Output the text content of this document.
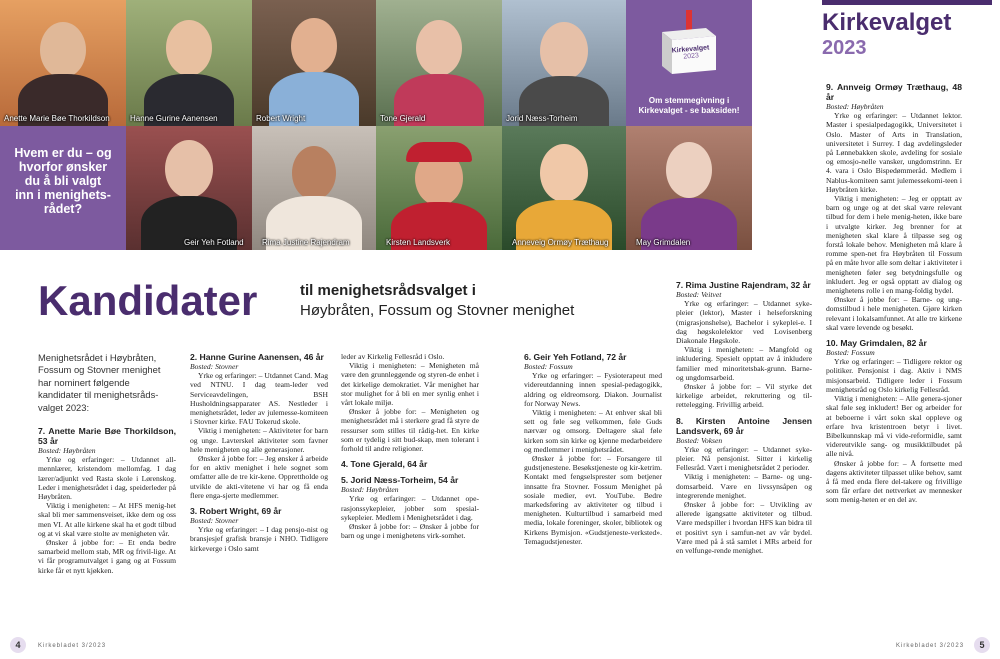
Anette Marie Bøe Thorkildson	Hanne Gurine Aanensen	Robert Wright	Tone Gjerald	Jorid Næss-Torheim
Kirkevalget
2023
Om stemmegivning i Kirkevalget - se baksiden!
Hvem er du – og hvorfor ønsker du å bli valgt inn i menighets-rådet?
Geir Yeh Fotland Rima Justine Rajendram	Kirsten Landsverk	Anneveig Ormøy Træthaug	May Grimdalen
Kirkevalget
2023
Kandidater	til menighetsrådsvalget i
Høybråten, Fossum og Stovner menighet
Menighetsrådet i Høybråten, Fossum og Stovner menighet har nominert følgende kandidater til menighetsråds-valget 2023:
7. Anette Marie Bøe Thorkildson, 53 år
Bosted: Høybråten

Yrke og erfaringer: – Utdannet all-mennlærer, kristendom mellomfag. I dag lærer/adjunkt ved Rasta skole i Lørenskog. Leder i menighetsrådet i dag, speiderleder på Høybråten.

Viktig i menigheten: – At HFS menig-het skal bli mer sammensveiset, ikke dem og oss men VI. At alle kirkene skal ha et godt tilbud og at vi skal være stolte av menigheten vår.

Ønsker å jobbe for: – Et enda bedre samarbeid mellom stab, MR og frivil-lige. At vi får programutvalget i gang og at Fossum kirke får et nytt kjøkken.

2. Hanne Gurine Aanensen, 46 år
Bosted: Stovner

Yrke og erfaringer: – Utdannet Cand. Mag ved NTNU. I dag team-leder ved Serviceavdelingen, BSH Husholdningsapparater AS. Nestleder i menighetsrådet, leder av julemesse-komiteen i Stovner kirke. FAU Tokerud skole.

Viktig i menigheten: – Aktiviteter for barn og unge. Lavterskel aktiviteter som favner hele menigheten og alle generasjoner.

Ønsker å jobbe for: – Jeg ønsker å arbeide for en aktiv menighet i hele sognet som omfatter alle de tre kir-kene. Opprettholde og utvikle de akti-vitetene vi har og få enda flere enga-sjerte medlemmer.

3. Robert Wright, 69 år
Bosted: Stovner

Yrke og erfaringer: – I dag pensjo-nist og bransjesjef grafisk bransje i NHO. Tidligere kirkeverge i Oslo samt

leder av Kirkelig Fellesråd i Oslo.

Viktig i menigheten: – Menigheten må være den grunnleggende og styren-de enhet i det kirkelige demokratiet. Vår menighet har stor mulighet for å bli en mer synlig enhet i vårt lokale miljø.

Ønsker å jobbe for: – Menigheten og menighetsrådet må i sterkere grad få styre de ressurser som stilles til rådig-het. En kirke som er tydelig i sitt bud-skap, men tolerant i forhold til andre religioner.

4. Tone Gjerald, 64 år
5. Jorid Næss-Torheim, 54 år
Bosted: Høybråten

Yrke og erfaringer: – Utdannet ope-rasjonssykepleier, jobber som spesial-sykepleier. Medlem i Menighetsrådet i dag.

Ønsker å jobbe for: – Ønsker å jobbe for barn og unge i menighetens virk-somhet.

6. Geir Yeh Fotland, 72 år
Bosted: Fossum

Yrke og erfaringer: – Fysioterapeut med videreutdanning innen spesial-pedagogikk, aldring og eldreomsorg. Diakon. Journalist for Norway News.

Viktig i menigheten: – At enhver skal bli sett og føle seg velkommen, føle Guds nærvær og omsorg. Deltagere skal føle kirken som sin kirke og kjenne medarbeidere og medlemmer i menighetsrådet.

Ønsker å jobbe for: – Forsangere til gudstjenestene. Besøkstjeneste og kir-ketrim. Kontakt med fengselsprester som betjener innsatte fra Stovner. Fossum Menighet på sosiale medier, evt. YouTube. Bedre markedsføring av aktiviteter og tilbud i menigheten. Kulturtilbud i samarbeid med media, lokale foreninger, skoler, bibliotek og Kirkens Bymisjon. «Gudstjeneste-verksted». Temagudstjenester.

7. Rima Justine Rajendram, 32 år
Bosted: Veitvet

Yrke og erfaringer: – Utdannet syke-pleier (lektor), Master i helseforskning (migrasjonshelse), Bachelor i sykeplei-e. I dag høgskolelektor ved Lovisenberg Diakonale Høgskole.

Viktig i menigheten: – Mangfold og inkludering. Spesielt opptatt av å inkludere familier med minoritetsbak-grunn. Barne- og ungdomsarbeid.

Ønsker å jobbe for: – Vil styrke det kirkelige arbeidet, rekruttering og til-rettelegging. Frivillig arbeid.

8. Kirsten Antoine Jensen Landsverk, 69 år
Bosted: Voksen

Yrke og erfaringer: – Utdannet syke-pleier. Nå pensjonist. Sitter i kirkelig Fellesråd. Vært i menighetsrådet 2 perioder.

Viktig i menigheten: – Barne- og ung-domsarbeid. Være en livssynsåpen og integrerende menighet.

Ønsker å jobbe for: – Utvikling av allerede igangsatte aktiviteter og tilbud. Være medspiller i hvordan HFS kan bidra til et positivt syn i samfun-net av vår bydel. Være med på å stå samlet i MRs arbeid for en velfunge-rende menighet.

9. Annveig Ormøy Træthaug, 48 år
Bosted: Høybråten

Yrke og erfaringer: – Utdannet lektor. Master i spesialpedagogikk, Universitetet i Oslo. Master of Arts in Translation, universitetet i Surrey. I dag avdelingsleder på Lønnebakken skole, avdeling for sosiale og emosjo-nelle vansker, ungdomstrinn. Er 4. vara i Oslo Bispedømmeråd. Medlem i Nablus-komiteen samt julemessekomi-teen i Høybråten kirke.

Viktig i menigheten: – Jeg er opptatt av barn og unge og at det skal være relevant tilbud for dem i hele menig-heten, ikke bare i utvalgte kirker. Jeg brenner for at menigheten skal klare å tilpasse seg og forstå lokale behov. Menigheten må klare å romme spen-net fra Høybråten til Fossum på en måte hvor alle som deltar i aktiviteter i menigheten føler seg betydningsfulle og inkludert. Jeg er også opptatt av dialog og menighetens rolle i en mang-foldig bydel.

Ønsker å jobbe for: – Barne- og ung-domstilbud i hele menigheten. Gjøre kirken relevant i lokalsamfunnet. At alle tre kirkene skal være levende og besøkt.

10. May Grimdalen, 82 år
Bosted: Fossum

Yrke og erfaringer: – Tidligere rektor og politiker. Pensjonist i dag. Aktiv i NMS misjonsarbeid. Tidligere leder i Fossum menighetsråd og Oslo kirkelig Fellesråd.

Viktig i menigheten: – Alle genera-sjoner skal føle seg inkludert! Ber og arbeider for at beboerne i vårt sokn skal oppleve og erfare hva kristentroen betyr i livet. Bibelkunnskap må vi vide-reformidle, samt videreutvikle sang- og musikktilbudet på alle nivå.

Ønsker å jobbe for: – Å fortsette med dagens aktiviteter tilpasset ulike behov, samt å få med enda flere del-takere og frivillige som får erfare det nettverket av mennesker som menig-heten er en del av.

4	Kirkebladet 3/2023	Kirkebladet 3/2023	5
